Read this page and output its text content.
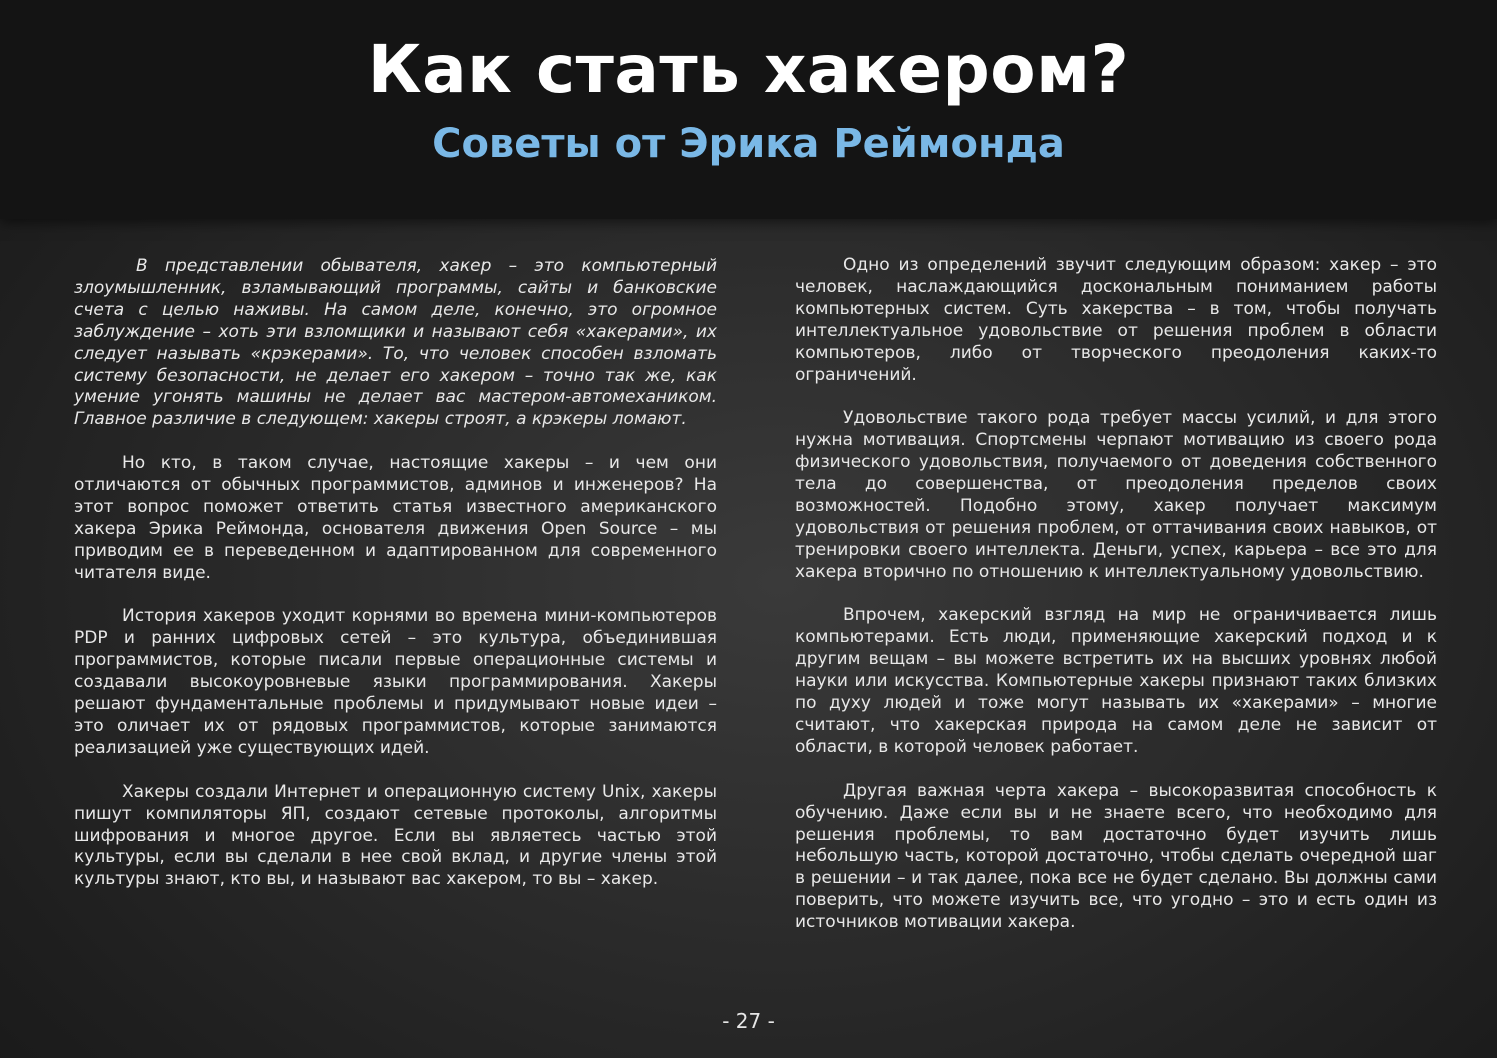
Как стать хакером?
Советы от Эрика Реймонда

В представлении обывателя, хакер – это компьютерный злоумышленник, взламывающий программы, сайты и банковские счета с целью наживы. На самом деле, конечно, это огромное заблуждение – хоть эти взломщики и называют себя «хакерами», их следует называть «крэкерами». То, что человек способен взломать систему безопасности, не делает его хакером – точно так же, как умение угонять машины не делает вас мастером-автомехаником. Главное различие в следующем: хакеры строят, а крэкеры ломают.

Но кто, в таком случае, настоящие хакеры – и чем они отличаются от обычных программистов, админов и инженеров? На этот вопрос поможет ответить статья известного американского хакера Эрика Реймонда, основателя движения Open Source – мы приводим ее в переведенном и адаптированном для современного читателя виде.

История хакеров уходит корнями во времена мини-компьютеров PDP и ранних цифровых сетей – это культура, объединившая программистов, которые писали первые операционные системы и создавали высокоуровневые языки программирования. Хакеры решают фундаментальные проблемы и придумывают новые идеи – это оличает их от рядовых программистов, которые занимаются реализацией уже существующих идей.

Хакеры создали Интернет и операционную систему Unix, хакеры пишут компиляторы ЯП, создают сетевые протоколы, алгоритмы шифрования и многое другое. Если вы являетесь частью этой культуры, если вы сделали в нее свой вклад, и другие члены этой культуры знают, кто вы, и называют вас хакером, то вы – хакер.

Одно из определений звучит следующим образом: хакер – это человек, наслаждающийся доскональным пониманием работы компьютерных систем. Суть хакерства – в том, чтобы получать интеллектуальное удовольствие от решения проблем в области компьютеров, либо от творческого преодоления каких-то ограничений.

Удовольствие такого рода требует массы усилий, и для этого нужна мотивация. Спортсмены черпают мотивацию из своего рода физического удовольствия, получаемого от доведения собственного тела до совершенства, от преодоления пределов своих возможностей. Подобно этому, хакер получает максимум удовольствия от решения проблем, от оттачивания своих навыков, от тренировки своего интеллекта. Деньги, успех, карьера – все это для хакера вторично по отношению к интеллектуальному удовольствию.

Впрочем, хакерский взгляд на мир не ограничивается лишь компьютерами. Есть люди, применяющие хакерский подход и к другим вещам – вы можете встретить их на высших уровнях любой науки или искусства. Компьютерные хакеры признают таких близких по духу людей и тоже могут называть их «хакерами» – многие считают, что хакерская природа на самом деле не зависит от области, в которой человек работает.

Другая важная черта хакера – высокоразвитая способность к обучению. Даже если вы и не знаете всего, что необходимо для решения проблемы, то вам достаточно будет изучить лишь небольшую часть, которой достаточно, чтобы сделать очередной шаг в решении – и так далее, пока все не будет сделано. Вы должны сами поверить, что можете изучить все, что угодно – это и есть один из источников мотивации хакера.

- 27 -
